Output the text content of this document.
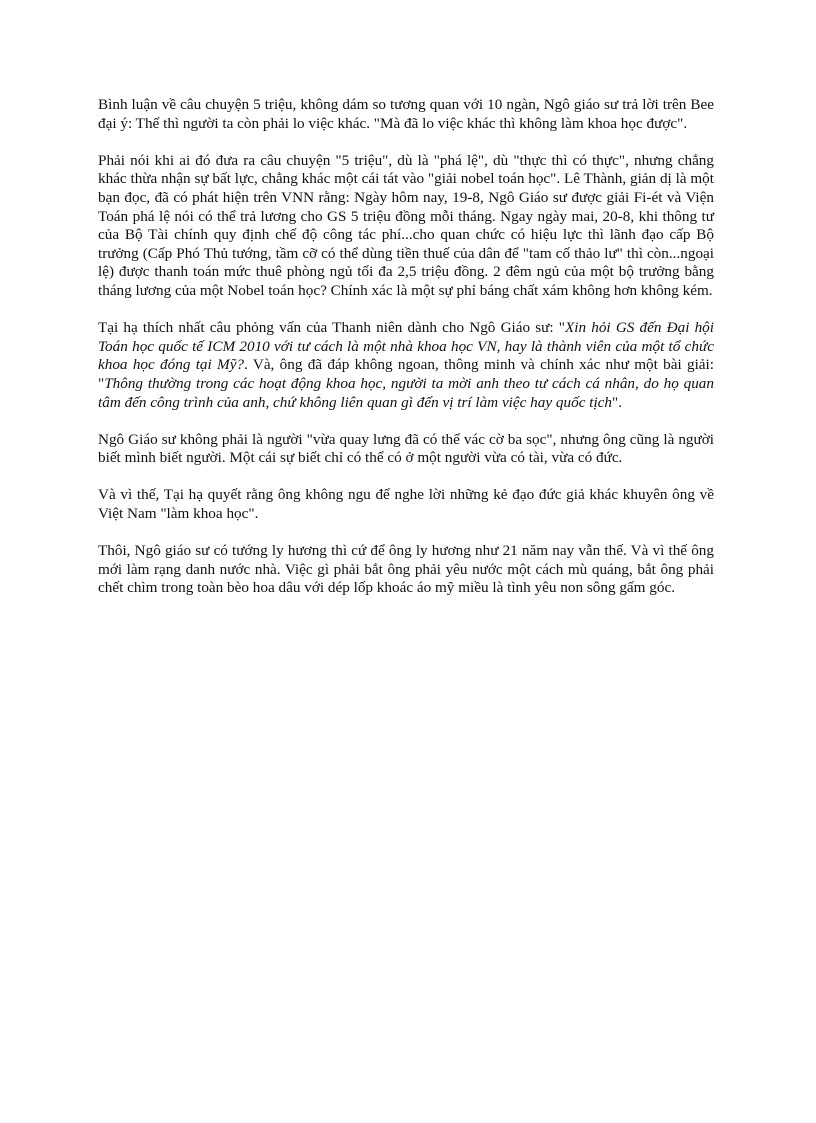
Bình luận về câu chuyện 5 triệu, không dám so tương quan với 10 ngàn, Ngô giáo sư trả lời trên Bee đại ý: Thế thì người ta còn phải lo việc khác. "Mà đã lo việc khác thì không làm khoa học được".

Phải nói khi ai đó đưa ra câu chuyện "5 triệu", dù là "phá lệ", dù "thực thì có thực", nhưng chẳng khác thừa nhận sự bất lực, chẳng khác một cái tát vào "giải nobel toán học". Lê Thành, giản dị là một bạn đọc, đã có phát hiện trên VNN rằng: Ngày hôm nay, 19-8, Ngô Giáo sư được giải Fi-ét và Viện Toán phá lệ nói có thể trả lương cho GS 5 triệu đồng mỗi tháng. Ngay ngày mai, 20-8, khi thông tư của Bộ Tài chính quy định chế độ công tác phí...cho quan chức có hiệu lực thì lãnh đạo cấp Bộ trưởng (Cấp Phó Thủ tướng, tầm cỡ có thể dùng tiền thuế của dân để "tam cố thảo lư" thì còn...ngoại lệ) được thanh toán mức thuê phòng ngủ tối đa 2,5 triệu đồng. 2 đêm ngủ của một bộ trưởng bằng tháng lương của một Nobel toán học? Chính xác là một sự phỉ báng chất xám không hơn không kém.

Tại hạ thích nhất câu phỏng vấn của Thanh niên dành cho Ngô Giáo sư: "Xin hỏi GS đến Đại hội Toán học quốc tế ICM 2010 với tư cách là một nhà khoa học VN, hay là thành viên của một tổ chức khoa học đóng tại Mỹ?. Và, ông đã đáp không ngoan, thông minh và chính xác như một bài giải: "Thông thường trong các hoạt động khoa học, người ta mời anh theo tư cách cá nhân, do họ quan tâm đến công trình của anh, chứ không liên quan gì đến vị trí làm việc hay quốc tịch".

Ngô Giáo sư không phải là người "vừa quay lưng đã có thể vác cờ ba sọc", nhưng ông cũng là người biết mình biết người. Một cái sự biết chỉ có thể có ở một người vừa có tài, vừa có đức.

Và vì thế, Tại hạ quyết rằng ông không ngu để nghe lời những kẻ đạo đức giả khác khuyên ông về Việt Nam "làm khoa học".

Thôi, Ngô giáo sư có tướng ly hương thì cứ để ông ly hương như 21 năm nay vẫn thế. Và vì thế ông mới làm rạng danh nước nhà. Việc gì phải bắt ông phải yêu nước một cách mù quáng, bắt ông phải chết chìm trong toàn bèo hoa dâu với dép lốp khoác áo mỹ miều là tình yêu non sông gấm góc.
